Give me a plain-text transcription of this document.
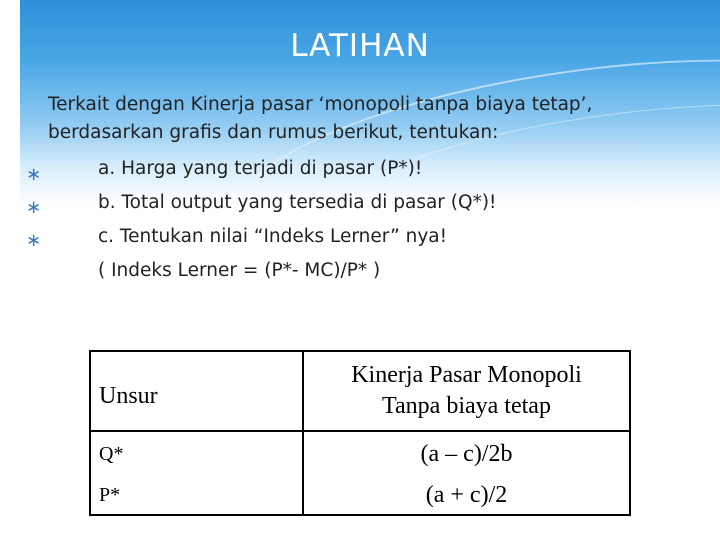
LATIHAN
Terkait dengan Kinerja pasar ‘monopoli tanpa biaya tetap’,
berdasarkan grafis dan rumus berikut, tentukan:
∗	a. Harga yang terjadi di pasar (P*)!
∗	b. Total output yang tersedia di pasar (Q*)!
∗	c. Tentukan nilai “Indeks Lerner” nya!
( Indeks Lerner = (P*- MC)/P* )
Unsur	Kinerja Pasar Monopoli
Tanpa biaya tetap

Q*	(a – c)/2b
P*	(a + c)/2
